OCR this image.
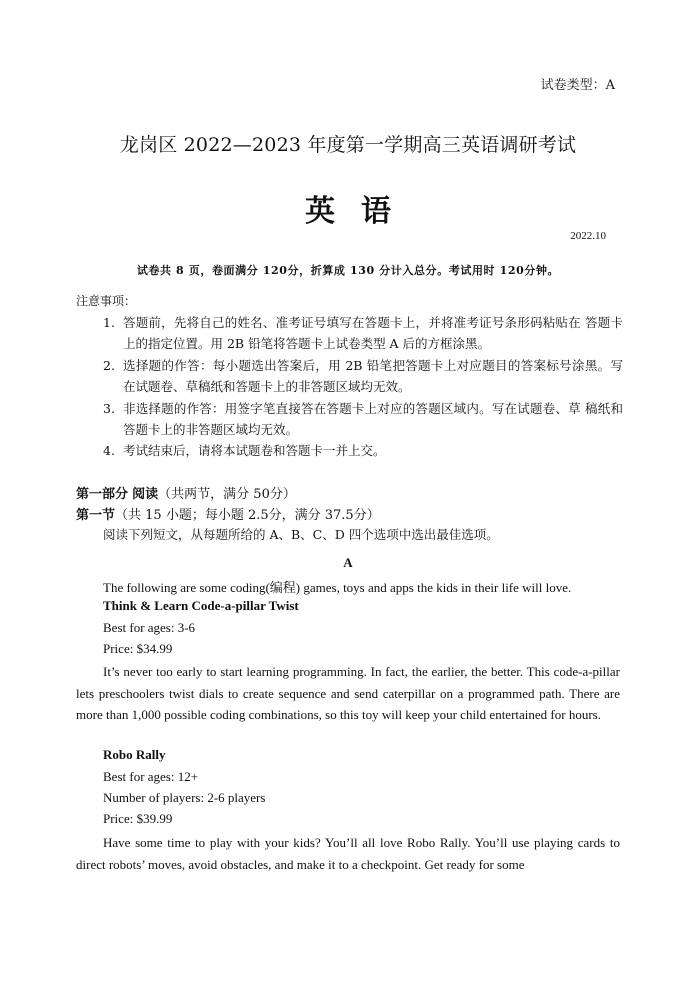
试卷类型：A
龙岗区 2022—2023 年度第一学期高三英语调研考试
英语
2022.10
试卷共 8 页，卷面满分 120分，折算成 130 分计入总分。考试用时 120分钟。
注意事项：
1. 答题前，先将自己的姓名、准考证号填写在答题卡上，并将准考证号条形码粘贴在 答题卡上的指定位置。用 2B 铅笔将答题卡上试卷类型 A 后的方框涂黑。
2. 选择题的作答：每小题选出答案后，用 2B 铅笔把答题卡上对应题目的答案标号涂黑。写在试题卷、草稿纸和答题卡上的非答题区域均无效。
3. 非选择题的作答：用签字笔直接答在答题卡上对应的答题区域内。写在试题卷、草 稿纸和答题卡上的非答题区域均无效。
4. 考试结束后，请将本试题卷和答题卡一并上交。
第一部分 阅读（共两节，满分 50分）
第一节（共 15 小题；每小题 2.5分，满分 37.5分）
阅读下列短文，从每题所给的 A、B、C、D 四个选项中选出最佳选项。
A
The following are some coding(编程) games, toys and apps the kids in their life will love.
Think & Learn Code-a-pillar Twist
Best for ages: 3-6
Price: $34.99
It’s never too early to start learning programming. In fact, the earlier, the better. This code-a-pillar lets preschoolers twist dials to create sequence and send caterpillar on a programmed path. There are more than 1,000 possible coding combinations, so this toy will keep your child entertained for hours.
Robo Rally
Best for ages: 12+
Number of players: 2-6 players
Price: $39.99
Have some time to play with your kids? You’ll all love Robo Rally. You’ll use playing cards to direct robots’ moves, avoid obstacles, and make it to a checkpoint. Get ready for some
